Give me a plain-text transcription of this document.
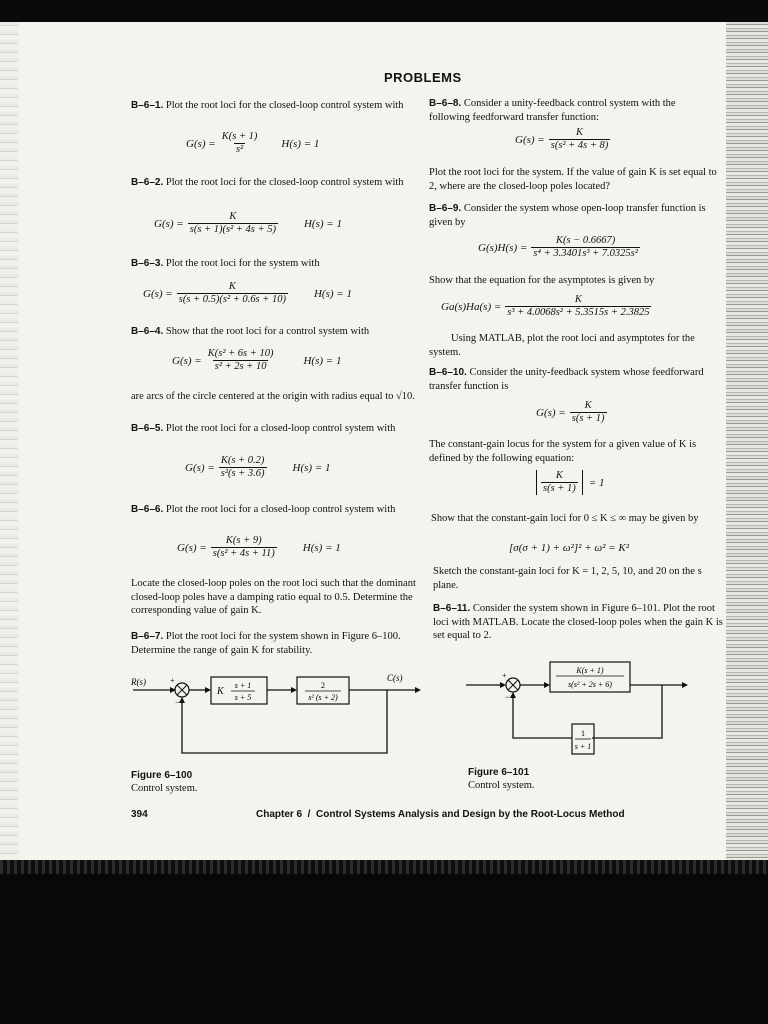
PROBLEMS
B–6–1. Plot the root loci for the closed-loop control system with
$G(s) = \frac{K(s + 1)}{\text{s²}} H(s) = 1$
B–6–2. Plot the root loci for the closed-loop control system with
$G(s) = \frac{K}{\text{s(s + 1)(s² + 4s + 5)}} H(s) = 1$
B–6–3. Plot the root loci for the system with
$G(s) = \frac{K}{\text{s(s + 0.5)(s² + 0.6s + 10)}} H(s) = 1$
B–6–4. Show that the root loci for a control system with
$G(s) = \frac{\text{K(s² + 6s + 10)}}{\text{s² + 2s + 10}}$	H(s) = 1
are arcs of the circle centered at the origin with radius equal to √10.
B–6–5. Plot the root loci for a closed-loop control system with
$G(s) = \frac{K(s + 0.2)}{\text{s²(s + 3.6)}} H(s) = 1$
B–6–6. Plot the root loci for a closed-loop control system with
$G(s) = \frac{K(s + 9)}{\text{s(s² + 4s + 11)}} H(s) = 1$
Locate the closed-loop poles on the root loci such that the dominant closed-loop poles have a damping ratio equal to 0.5. Determine the corresponding value of gain K.
B–6–7. Plot the root loci for the system shown in Figure 6–100. Determine the range of gain K for stability.
B–6–8. Consider a unity-feedback control system with the following feedforward transfer function:
$G(s) = \frac{K}{\text{s(s² + 4s + 8)}}$
Plot the root loci for the system. If the value of gain K is set equal to 2, where are the closed-loop poles located?
B–6–9. Consider the system whose open-loop transfer function is given by
$G(s)H(s) = \frac{K(s - 0.6667)}{\text{s⁴ + 3.3401s³ + 7.0325s²}}$
Show that the equation for the asymptotes is given by
$Ga(s)Ha(s) = \frac{K}{\text{s³ + 4.0068s² + 5.3515s + 2.3825}}$
Using MATLAB, plot the root loci and asymptotes for the system.
B–6–10. Consider the unity-feedback system whose feedforward transfer function is
$G(s) = \frac{K}{s(s + 1)}$
The constant-gain locus for the system for a given value of K is defined by the following equation:
$\frac{K}{s(s + 1)} = 1$
Show that the constant-gain loci for 0 ≤ K ≤ ∞ may be given by
[σ(σ + 1) + ω²]² + ω² = K²
Sketch the constant-gain loci for K = 1, 2, 5, 10, and 20 on the s plane.
B–6–11. Consider the system shown in Figure 6–101. Plot the root loci with MATLAB. Locate the closed-loop poles when the gain K is set equal to 2.
R(s)	+
−
K
s + 1
s + 5
2
s² (s + 2)
C(s)
Figure 6–100
Control system.
+
−
K(s + 1)
s(s² + 2s + 6)
1
s + 1
Figure 6–101
Control system.
394	Chapter 6  /  Control Systems Analysis and Design by the Root-Locus Method
